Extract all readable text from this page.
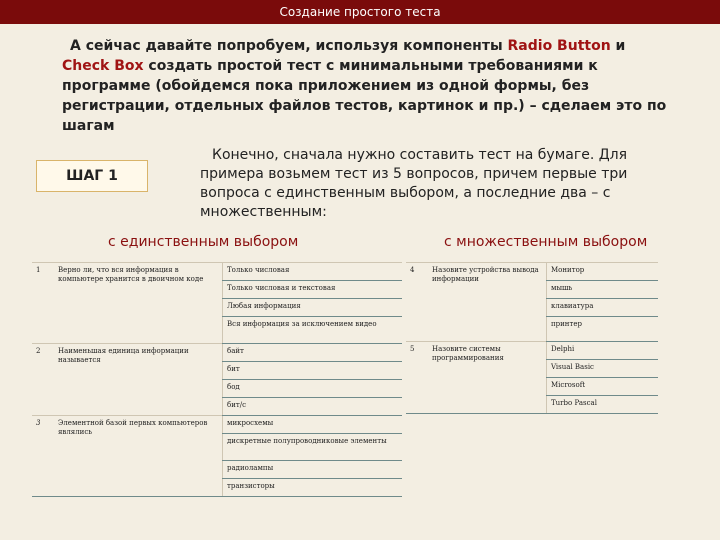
Создание простого теста
А сейчас давайте попробуем, используя компоненты Radio Button и Check Box создать простой тест с минимальными требованиями к программе (обойдемся пока приложением из одной формы, без регистрации, отдельных файлов тестов, картинок и пр.) – сделаем это по шагам
ШАГ 1
Конечно, сначала нужно составить тест на бумаге. Для примера возьмем тест из 5 вопросов, причем первые три вопроса с единственным выбором, а последние два – с множественным:
с единственным выбором	с множественным выбором
1	Верно ли, что вся информация в компьютере хранится в двоичном коде	Только числовая
		Только числовая и текстовая
		Любая информация
		Вся информация за исключением видео
2	Наименьшая единица информации называется	байт
		бит
		бод
		бит/с
3	Элементной базой первых компьютеров являлись	микросхемы
		дискретные полупроводниковые элементы
		радиолампы
		транзисторы
4	Назовите устройства вывода информации	Монитор
		мышь
		клавиатура
		принтер
5	Назовите системы программирования	Delphi
		Visual Basic
		Microsoft
		Turbo Pascal
